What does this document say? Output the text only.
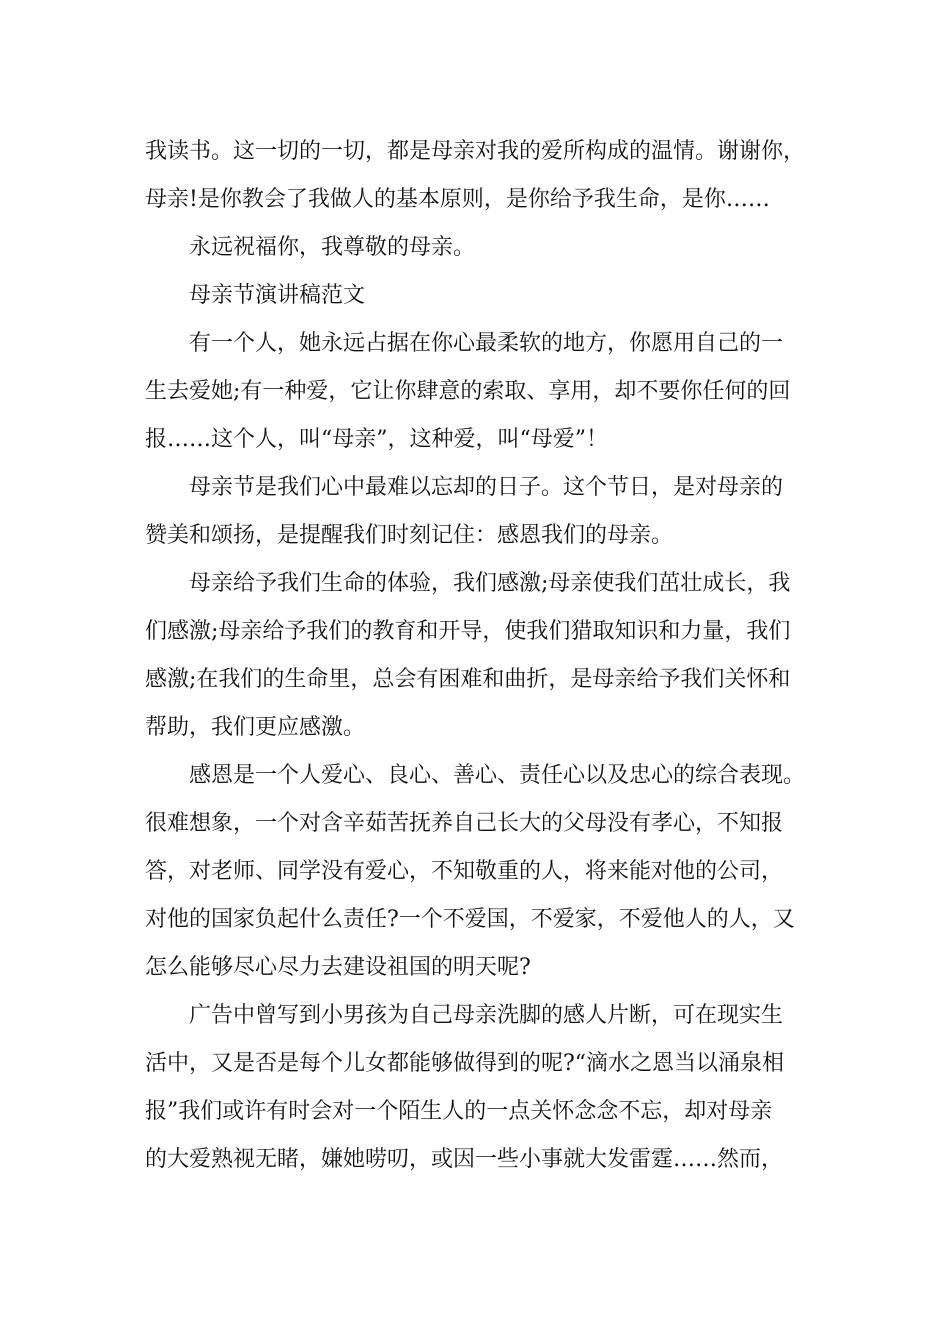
我读书。这一切的一切，都是母亲对我的爱所构成的温情。谢谢你，
母亲!是你教会了我做人的基本原则，是你给予我生命，是你……
永远祝福你，我尊敬的母亲。
母亲节演讲稿范文
有一个人，她永远占据在你心最柔软的地方，你愿用自己的一
生去爱她;有一种爱，它让你肆意的索取、享用，却不要你任何的回
报……这个人，叫“母亲”，这种爱，叫“母爱”！
母亲节是我们心中最难以忘却的日子。这个节日，是对母亲的
赞美和颂扬，是提醒我们时刻记住：感恩我们的母亲。
母亲给予我们生命的体验，我们感激;母亲使我们茁壮成长，我
们感激;母亲给予我们的教育和开导，使我们猎取知识和力量，我们
感激;在我们的生命里，总会有困难和曲折，是母亲给予我们关怀和
帮助，我们更应感激。
感恩是一个人爱心、良心、善心、责任心以及忠心的综合表现。
很难想象，一个对含辛茹苦抚养自己长大的父母没有孝心，不知报
答，对老师、同学没有爱心，不知敬重的人，将来能对他的公司，
对他的国家负起什么责任?一个不爱国，不爱家，不爱他人的人，又
怎么能够尽心尽力去建设祖国的明天呢?
广告中曾写到小男孩为自己母亲洗脚的感人片断，可在现实生
活中，又是否是每个儿女都能够做得到的呢?“滴水之恩当以涌泉相
报”我们或许有时会对一个陌生人的一点关怀念念不忘，却对母亲
的大爱熟视无睹，嫌她唠叨，或因一些小事就大发雷霆……然而，
